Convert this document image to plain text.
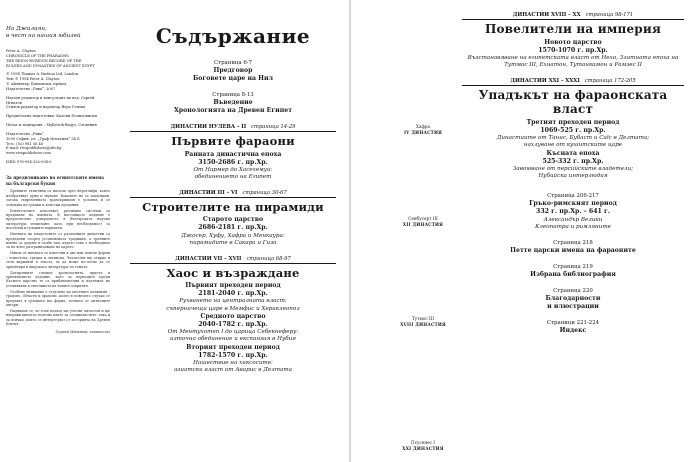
На Джилиян,
в чест на нашия юбилей
Peter A. Clayton
CHRONICLE OF THE PHARAOHS
THE REIGN-BY-REIGN RECORD OF THE
RULERS AND DYNASTIES OF ANCIENT EGYPT
© 1994 Thames & Hudson Ltd, London
Text © 1994 Peter A. Clayton
© Айлянтър Павловски, превод
Издателство „Рива“, 2007
Научен редактор и консултант на изд. Сергей Игнатов
Стилов редактор и коректор Вера Генова
Предпечатна подготовка: Калоян Полизоински
Печат и подвързия – Myllstrok-Вадуз, Словения
Издателство „Рива“
1000 София, ул. „Граф Игнатиев“ 34 Б
Тел.: (02) 981 56 40
E-mail: rivapublishers@abv.bg
www.rivapublishers.com
ISBN 978-954-320-094-0
За предизвикано на египетските имена на български букви

Древните египтяни са писали чрез йероглифи, които изобразяват думи и звукове. Вокалите не са записвани, затова съвременната транскрипция е условна и се основава на гръцки и коптски предания.

Египтолозите използват различни системи за предаване на имената. В настоящото издание е предпочетено утвърденото в българската научна литература изписване, като при необходимост са посочени и гръцките варианти.

Имената на владетелите от различните династии са предадени според установената традиция, а тронните имена са дадени в скоби там, където това е необходимо за по-ясно разграничаване на царете.

Някои от имената са известни в две или повече форми – египетска, гръцка и латинска. Читателят ще открие и тези варианти в текста, за да може по-лесно да се ориентира в широката литература по темата.

Датировките следват хронологията, приета в оригиналното издание, като за периодите преди Късното царство те са приблизителни и подлежат на уточняване в светлината на новите открития.

Особено внимание е отделено на местните названия – градове, области и храмове, които в повечето случаи се предават в гръцката им форма, позната от античните автори.

Надяваме се, че този подход ще улесни читателя и ще направи книгата полезна както за специалистите, така и за всички, които се интересуват от историята на Древен Египет.

Сергей Игнатов, египтолог
Съдържание
Страница 6-7
Предговор
Боговете царе на Нил
Страница 8-13
Въведение
Хронологията на Древен Египет
ДИНАСТИИ НУЛЕВА – II страница 14-29
Първите фараони
Ранната династична епоха
3150-2686 г. пр.Хр.
От Нармер до Хасехемуи:
обединението на Египет
ДИНАСТИИ III – VI страница 30-67
Строителите на пирамиди
Старото царство
2686-2181 г. пр.Хр.
Джосер, Хуфу, Хафра и Менкаура:
пирамидите в Сакара и Гиза
ДИНАСТИИ VII – XVII страница 68-97
Хаос и възраждане
Първият преходен период
2181-2040 г. пр.Хр.
Рухването на централната власт:
съперничещи царе в Мемфис и Хераклеопол
Средното царство
2040-1782 г. пр.Хр.
От Ментухотеп I до царица Себекнеферу:
източно обединение и експанзия в Нубия
Вторият преходен период
1782-1570 г. пр.Хр.
Нашествие на хиксосите:
азиатски власт от Аварис в Делтата
Хафра
IV ДИНАСТИЯ
Сенбусерт III
XII ДИНАСТИЯ
Тутмос III
XVIII ДИНАСТИЯ
Псусенес I
XXI ДИНАСТИЯ
ДИНАСТИИ XVIII – XX страница 98-171
Повелители на империя
Новото царство
1570-1070 г. пр.Хр.
Възстановяване на египетската власт от Нехо, Златната епоха на
Тутмос III, Ехнатон, Тутанкамон и Рамзес II
ДИНАСТИИ XXI – XXXI страница 172-205
Упадъкът на фараонската власт
Третият преходен период
1069-525 г. пр.Хр.
Династиите от Танис, Бубаст и Саїс в Делтата;
нахлуване от кушитските царе
Късната епоха
525-332 г. пр.Хр.
Завоюване от персийските владетели;
Нубийска интерлюдия
Страница 206-217
Гръко-римският период
332 г. пр.Хр. – 641 г.
Александър Велики
Клеопатра и римляните
Страница 218
Петте царски имена на фараоните
Страница 219
Избрана библиография
Страница 220
Благодарности
и илюстрации
Страници 221-224
Индекс
